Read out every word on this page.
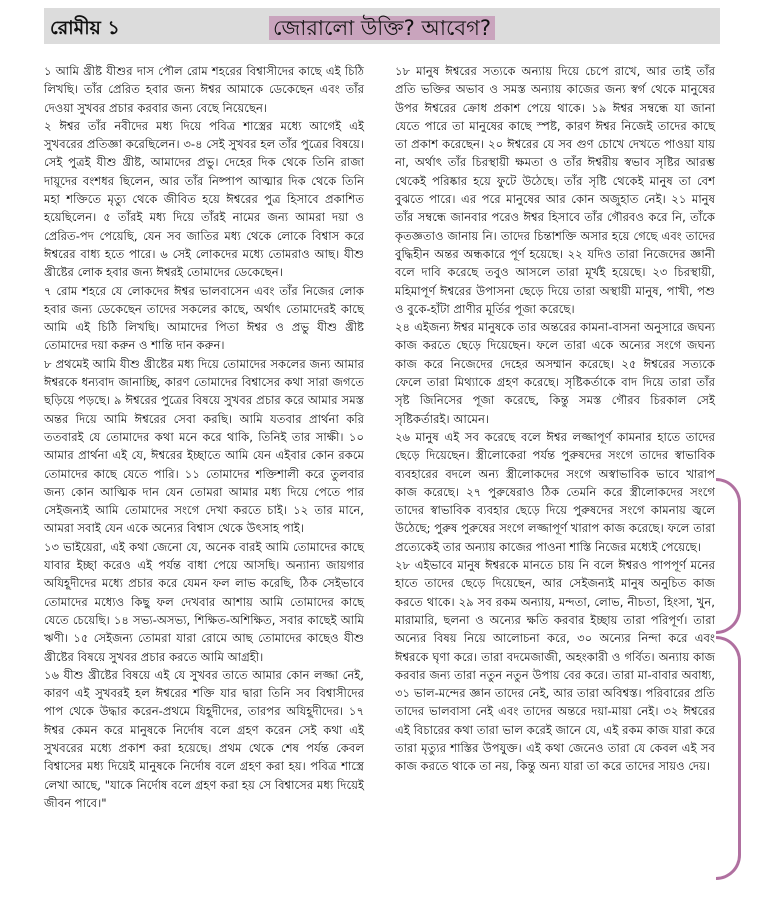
রোমীয় ১	জোরালো উক্তি? আবেগ?

১ আমি খ্রীষ্ট যীশুর দাস পৌল রোম শহরের বিশ্বাসীদের কাছে এই চিঠি লিখছি। তাঁর প্রেরিত হবার জন্য ঈশ্বর আমাকে ডেকেছেন এবং তাঁর দেওয়া সুখবর প্রচার করবার জন্য বেছে নিয়েছেন।

২ ঈশ্বর তাঁর নবীদের মধ্য দিয়ে পবিত্র শাস্ত্রের মধ্যে আগেই এই সুখবরের প্রতিজ্ঞা করেছিলেন। ৩-৪ সেই সুখবর হল তাঁর পুত্রের বিষয়ে। সেই পুত্রই যীশু খ্রীষ্ট, আমাদের প্রভু। দেহের দিক থেকে তিনি রাজা দায়ূদের বংশধর ছিলেন, আর তাঁর নিষ্পাপ আত্মার দিক থেকে তিনি মহা শক্তিতে মৃত্যু থেকে জীবিত হয়ে ঈশ্বরের পুত্র হিসাবে প্রকাশিত হয়েছিলেন। ৫ তাঁরই মধ্য দিয়ে তাঁরই নামের জন্য আমরা দয়া ও প্রেরিত-পদ পেয়েছি, যেন সব জাতির মধ্য থেকে লোকে বিশ্বাস করে ঈশ্বরের বাধ্য হতে পারে। ৬ সেই লোকদের মধ্যে তোমরাও আছ। যীশু খ্রীষ্টের লোক হবার জন্য ঈশ্বরই তোমাদের ডেকেছেন।

৭ রোম শহরে যে লোকদের ঈশ্বর ভালবাসেন এবং তাঁর নিজের লোক হবার জন্য ডেকেছেন তাদের সকলের কাছে, অর্থাৎ তোমাদেরই কাছে আমি এই চিঠি লিখছি। আমাদের পিতা ঈশ্বর ও প্রভু যীশু খ্রীষ্ট তোমাদের দয়া করুন ও শান্তি দান করুন।

৮ প্রথমেই আমি যীশু খ্রীষ্টের মধ্য দিয়ে তোমাদের সকলের জন্য আমার ঈশ্বরকে ধন্যবাদ জানাচ্ছি, কারণ তোমাদের বিশ্বাসের কথা সারা জগতে ছড়িয়ে পড়ছে। ৯ ঈশ্বরের পুত্রের বিষয়ে সুখবর প্রচার করে আমার সমস্ত অন্তর দিয়ে আমি ঈশ্বরের সেবা করছি। আমি যতবার প্রার্থনা করি ততবারই যে তোমাদের কথা মনে করে থাকি, তিনিই তার সাক্ষী। ১০ আমার প্রার্থনা এই যে, ঈশ্বরের ইচ্ছাতে আমি যেন এইবার কোন রকমে তোমাদের কাছে যেতে পারি। ১১ তোমাদের শক্তিশালী করে তুলবার জন্য কোন আত্মিক দান যেন তোমরা আমার মধ্য দিয়ে পেতে পার সেইজন্যই আমি তোমাদের সংগে দেখা করতে চাই। ১২ তার মানে, আমরা সবাই যেন একে অন্যের বিশ্বাস থেকে উৎসাহ পাই।

১৩ ভাইয়েরা, এই কথা জেনো যে, অনেক বারই আমি তোমাদের কাছে যাবার ইচ্ছা করেও এই পর্যন্ত বাধা পেয়ে আসছি। অন্যান্য জায়গার অযিহূদীদের মধ্যে প্রচার করে যেমন ফল লাভ করেছি, ঠিক সেইভাবে তোমাদের মধ্যেও কিছু ফল দেখবার আশায় আমি তোমাদের কাছে যেতে চেয়েছি। ১৪ সভ্য-অসভ্য, শিক্ষিত-অশিক্ষিত, সবার কাছেই আমি ঋণী। ১৫ সেইজন্য তোমরা যারা রোমে আছ তোমাদের কাছেও যীশু খ্রীষ্টের বিষয়ে সুখবর প্রচার করতে আমি আগ্রহী।

১৬ যীশু খ্রীষ্টের বিষয়ে এই যে সুখবর তাতে আমার কোন লজ্জা নেই, কারণ এই সুখবরই হল ঈশ্বরের শক্তি যার দ্বারা তিনি সব বিশ্বাসীদের পাপ থেকে উদ্ধার করেন-প্রথমে যিহূদীদের, তারপর অযিহূদীদের। ১৭ ঈশ্বর কেমন করে মানুষকে নির্দোষ বলে গ্রহণ করেন সেই কথা এই সুখবরের মধ্যে প্রকাশ করা হয়েছে। প্রথম থেকে শেষ পর্যন্ত কেবল বিশ্বাসের মধ্য দিয়েই মানুষকে নির্দোষ বলে গ্রহণ করা হয়। পবিত্র শাস্ত্রে লেখা আছে, "যাকে নির্দোষ বলে গ্রহণ করা হয় সে বিশ্বাসের মধ্য দিয়েই জীবন পাবে।"

১৮ মানুষ ঈশ্বরের সত্যকে অন্যায় দিয়ে চেপে রাখে, আর তাই তাঁর প্রতি ভক্তির অভাব ও সমস্ত অন্যায় কাজের জন্য স্বর্গ থেকে মানুষের উপর ঈশ্বরের ক্রোধ প্রকাশ পেয়ে থাকে। ১৯ ঈশ্বর সম্বন্ধে যা জানা যেতে পারে তা মানুষের কাছে স্পষ্ট, কারণ ঈশ্বর নিজেই তাদের কাছে তা প্রকাশ করেছেন। ২০ ঈশ্বরের যে সব গুণ চোখে দেখতে পাওয়া যায় না, অর্থাৎ তাঁর চিরস্থায়ী ক্ষমতা ও তাঁর ঈশ্বরীয় স্বভাব সৃষ্টির আরম্ভ থেকেই পরিষ্কার হয়ে ফুটে উঠেছে। তাঁর সৃষ্টি থেকেই মানুষ তা বেশ বুঝতে পারে। এর পরে মানুষের আর কোন অজুহাত নেই। ২১ মানুষ তাঁর সম্বন্ধে জানবার পরেও ঈশ্বর হিসাবে তাঁর গৌরবও করে নি, তাঁকে কৃতজ্ঞতাও জানায় নি। তাদের চিন্তাশক্তি অসার হয়ে গেছে এবং তাদের বুদ্ধিহীন অন্তর অন্ধকারে পূর্ণ হয়েছে। ২২ যদিও তারা নিজেদের জ্ঞানী বলে দাবি করেছে তবুও আসলে তারা মূর্খই হয়েছে। ২৩ চিরস্থায়ী, মহিমাপূর্ণ ঈশ্বরের উপাসনা ছেড়ে দিয়ে তারা অস্থায়ী মানুষ, পাখী, পশু ও বুকে-হাঁটা প্রাণীর মূর্তির পূজা করেছে।

২৪ এইজন্য ঈশ্বর মানুষকে তার অন্তরের কামনা-বাসনা অনুসারে জঘন্য কাজ করতে ছেড়ে দিয়েছেন। ফলে তারা একে অন্যের সংগে জঘন্য কাজ করে নিজেদের দেহের অসম্মান করেছে। ২৫ ঈশ্বরের সত্যকে ফেলে তারা মিথ্যাকে গ্রহণ করেছে। সৃষ্টিকর্তাকে বাদ দিয়ে তারা তাঁর সৃষ্ট জিনিসের পূজা করেছে, কিন্তু সমস্ত গৌরব চিরকাল সেই সৃষ্টিকর্তারই। আমেন।

২৬ মানুষ এই সব করেছে বলে ঈশ্বর লজ্জাপূর্ণ কামনার হাতে তাদের ছেড়ে দিয়েছেন। স্ত্রীলোকেরা পর্যন্ত পুরুষদের সংগে তাদের স্বাভাবিক ব্যবহারের বদলে অন্য স্ত্রীলোকদের সংগে অস্বাভাবিক ভাবে খারাপ কাজ করেছে। ২৭ পুরুষেরাও ঠিক তেমনি করে স্ত্রীলোকদের সংগে তাদের স্বাভাবিক ব্যবহার ছেড়ে দিয়ে পুরুষদের সংগে কামনায় জ্বলে উঠেছে; পুরুষ পুরুষের সংগে লজ্জাপূর্ণ খারাপ কাজ করেছে। ফলে তারা প্রত্যেকেই তার অন্যায় কাজের পাওনা শাস্তি নিজের মধ্যেই পেয়েছে।

২৮ এইভাবে মানুষ ঈশ্বরকে মানতে চায় নি বলে ঈশ্বরও পাপপূর্ণ মনের হাতে তাদের ছেড়ে দিয়েছেন, আর সেইজন্যই মানুষ অনুচিত কাজ করতে থাকে। ২৯ সব রকম অন্যায়, মন্দতা, লোভ, নীচতা, হিংসা, খুন, মারামারি, ছলনা ও অন্যের ক্ষতি করবার ইচ্ছায় তারা পরিপূর্ণ। তারা অন্যের বিষয় নিয়ে আলোচনা করে, ৩০ অন্যের নিন্দা করে এবং ঈশ্বরকে ঘৃণা করে। তারা বদমেজাজী, অহংকারী ও গর্বিত। অন্যায় কাজ করবার জন্য তারা নতুন নতুন উপায় বের করে। তারা মা-বাবার অবাধ্য, ৩১ ভাল-মন্দের জ্ঞান তাদের নেই, আর তারা অবিশ্বস্ত। পরিবারের প্রতি তাদের ভালবাসা নেই এবং তাদের অন্তরে দয়া-মায়া নেই। ৩২ ঈশ্বরের এই বিচারের কথা তারা ভাল করেই জানে যে, এই রকম কাজ যারা করে তারা মৃত্যুর শাস্তির উপযুক্ত। এই কথা জেনেও তারা যে কেবল এই সব কাজ করতে থাকে তা নয়, কিন্তু অন্য যারা তা করে তাদের সায়ও দেয়।
